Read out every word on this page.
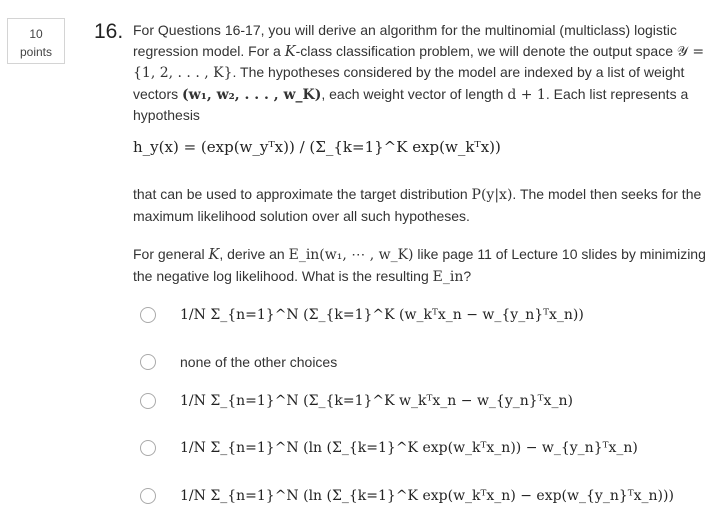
10
points
16. For Questions 16-17, you will derive an algorithm for the multinomial (multiclass) logistic regression model. For a K-class classification problem, we will denote the output space 𝒴 = {1, 2, . . . , K}. The hypotheses considered by the model are indexed by a list of weight vectors (w₁, w₂, . . . , w_K), each weight vector of length d + 1. Each list represents a hypothesis
h_y(x) = (exp(w_yᵀx)) / (Σ_{k=1}^K exp(w_kᵀx))
that can be used to approximate the target distribution P(y|x). The model then seeks for the maximum likelihood solution over all such hypotheses.
For general K, derive an E_in(w₁, ⋯ , w_K) like page 11 of Lecture 10 slides by minimizing the negative log likelihood. What is the resulting E_in?
1/N Σ_{n=1}^N (Σ_{k=1}^K (w_kᵀx_n − w_{y_n}ᵀx_n))
none of the other choices
1/N Σ_{n=1}^N (Σ_{k=1}^K w_kᵀx_n − w_{y_n}ᵀx_n)
1/N Σ_{n=1}^N (ln (Σ_{k=1}^K exp(w_kᵀx_n)) − w_{y_n}ᵀx_n)
1/N Σ_{n=1}^N (ln (Σ_{k=1}^K exp(w_kᵀx_n) − exp(w_{y_n}ᵀx_n)))
